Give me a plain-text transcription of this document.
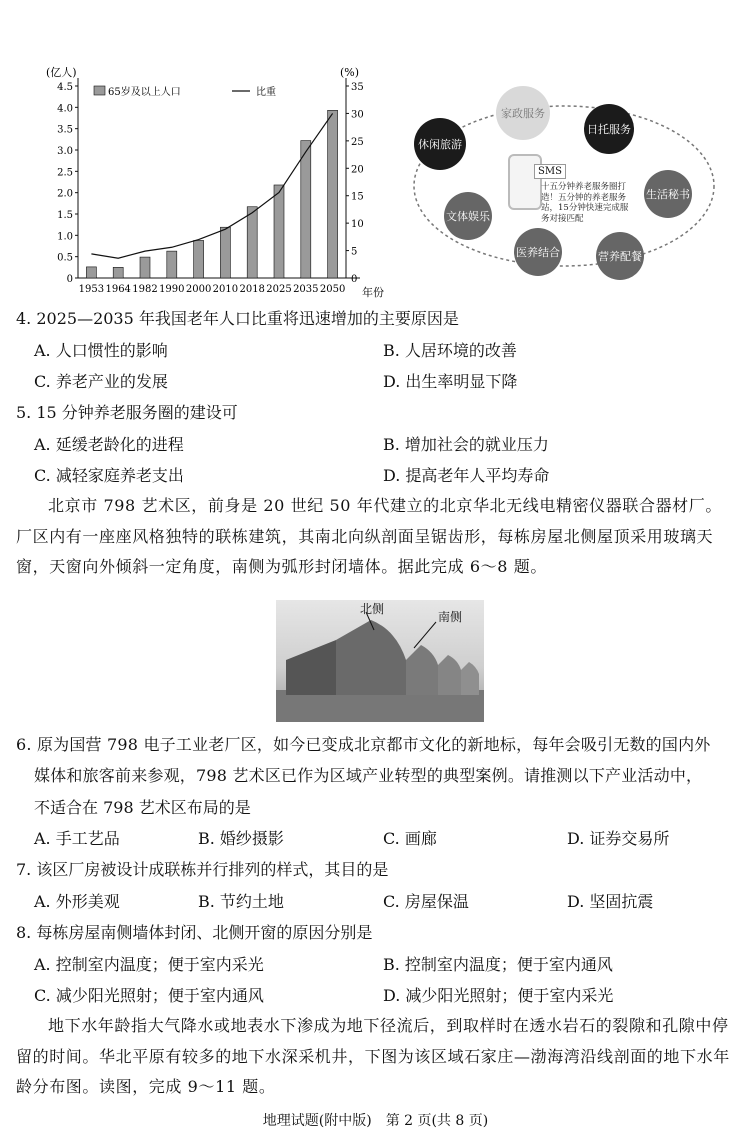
0
0.5
1.0
1.5
2.0
2.5
3.0
3.5
4.0
4.5
0
5
10
15
20
25
30
35
1953 1964 1982 1990 2000 2010 2018 2025 2035 2050
(亿人)	(%)
年份
65岁及以上人口	比重
SMS
十五分钟养老服务圈打造！五分钟的养老服务站，15分钟快速完成服务对接匹配
家政服务
日托服务
生活秘书
营养配餐
医养结合
文体娱乐
休闲旅游
4. 2025—2035 年我国老年人口比重将迅速增加的主要原因是
A. 人口惯性的影响	B. 人居环境的改善
C. 养老产业的发展	D. 出生率明显下降
5. 15 分钟养老服务圈的建设可
A. 延缓老龄化的进程	B. 增加社会的就业压力
C. 减轻家庭养老支出	D. 提高老年人平均寿命
北京市 798 艺术区，前身是 20 世纪 50 年代建立的北京华北无线电精密仪器联合器材厂。厂区内有一座座风格独特的联栋建筑，其南北向纵剖面呈锯齿形，每栋房屋北侧屋顶采用玻璃天窗，天窗向外倾斜一定角度，南侧为弧形封闭墙体。据此完成 6～8 题。
北侧
南侧
6. 原为国营 798 电子工业老厂区，如今已变成北京都市文化的新地标，每年会吸引无数的国内外
媒体和旅客前来参观，798 艺术区已作为区域产业转型的典型案例。请推测以下产业活动中，
不适合在 798 艺术区布局的是
A. 手工艺品	B. 婚纱摄影	C. 画廊	D. 证券交易所
7. 该区厂房被设计成联栋并行排列的样式，其目的是
A. 外形美观	B. 节约土地	C. 房屋保温	D. 坚固抗震
8. 每栋房屋南侧墙体封闭、北侧开窗的原因分别是
A. 控制室内温度；便于室内采光	B. 控制室内温度；便于室内通风
C. 减少阳光照射；便于室内通风	D. 减少阳光照射；便于室内采光
地下水年龄指大气降水或地表水下渗成为地下径流后，到取样时在透水岩石的裂隙和孔隙中停留的时间。华北平原有较多的地下水深采机井，下图为该区域石家庄—渤海湾沿线剖面的地下水年龄分布图。读图，完成 9～11 题。
地理试题(附中版)　第 2 页(共 8 页)
